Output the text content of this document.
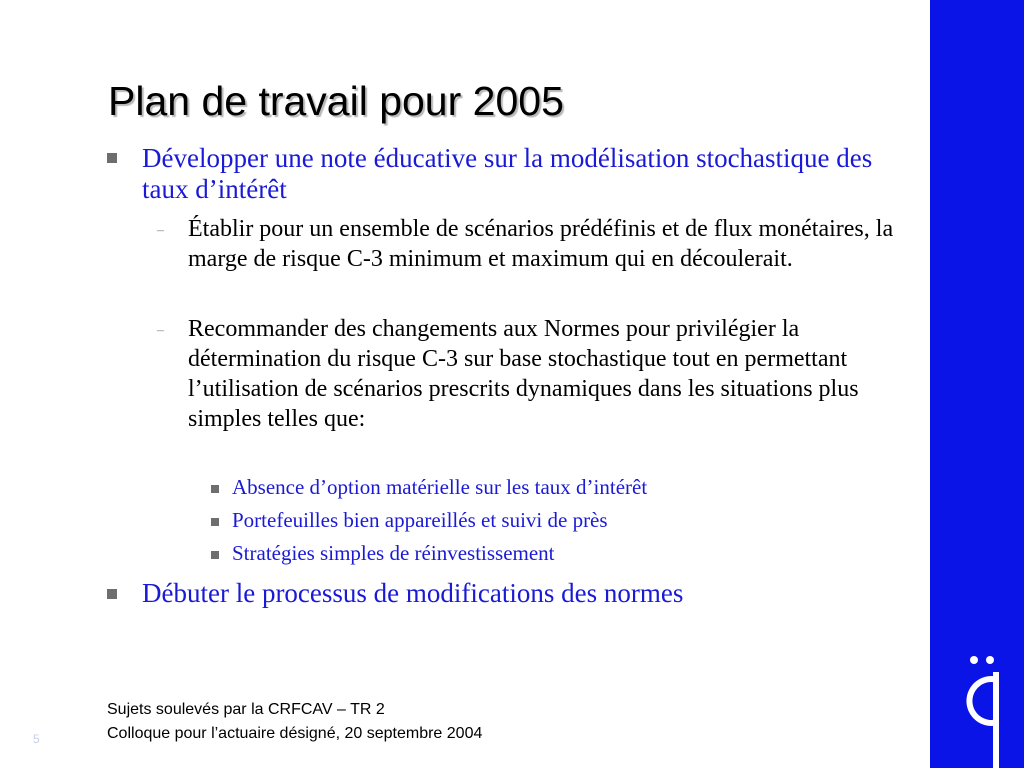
Plan de travail pour 2005
Développer une note éducative sur la modélisation stochastique des taux d’intérêt
– Établir pour un ensemble de scénarios prédéfinis et de flux monétaires, la marge de risque C-3 minimum et maximum qui en découlerait.
– Recommander des changements aux Normes pour privilégier la détermination du risque C-3 sur base stochastique tout en permettant l’utilisation de scénarios prescrits dynamiques dans les situations plus simples telles que:
Absence d’option matérielle sur les taux d’intérêt
Portefeuilles bien appareillés et suivi de près
Stratégies simples de réinvestissement
Débuter le processus de modifications des normes
Sujets soulevés par la CRFCAV – TR 2
Colloque pour l’actuaire désigné, 20 septembre 2004
5
